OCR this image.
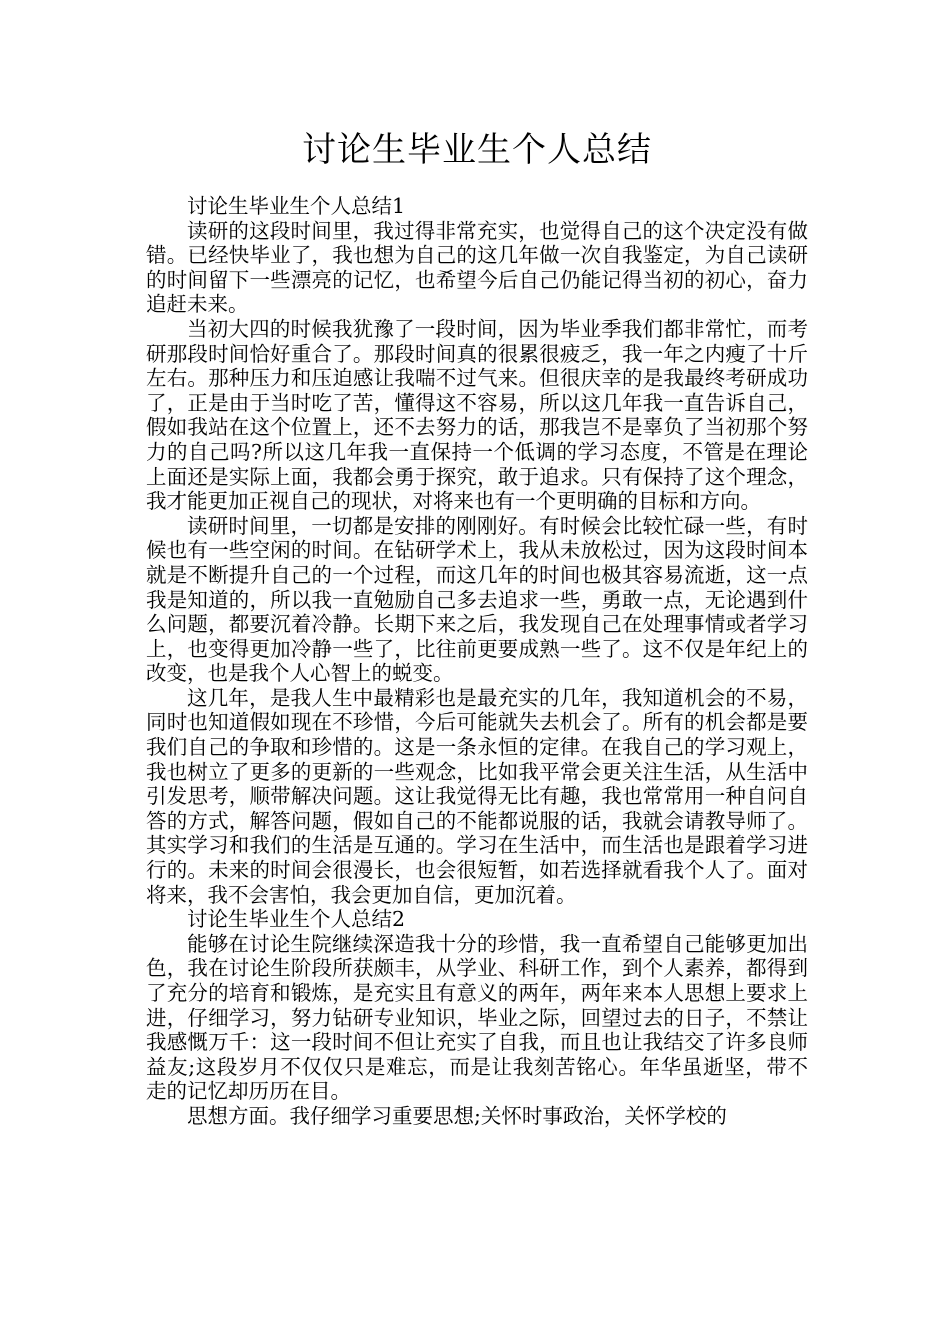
讨论生毕业生个人总结

讨论生毕业生个人总结1

读研的这段时间里，我过得非常充实，也觉得自己的这个决定没有做错。已经快毕业了，我也想为自己的这几年做一次自我鉴定，为自己读研的时间留下一些漂亮的记忆，也希望今后自己仍能记得当初的初心，奋力追赶未来。

当初大四的时候我犹豫了一段时间，因为毕业季我们都非常忙，而考研那段时间恰好重合了。那段时间真的很累很疲乏，我一年之内瘦了十斤左右。那种压力和压迫感让我喘不过气来。但很庆幸的是我最终考研成功了，正是由于当时吃了苦，懂得这不容易，所以这几年我一直告诉自己，假如我站在这个位置上，还不去努力的话，那我岂不是辜负了当初那个努力的自己吗?所以这几年我一直保持一个低调的学习态度，不管是在理论上面还是实际上面，我都会勇于探究，敢于追求。只有保持了这个理念，我才能更加正视自己的现状，对将来也有一个更明确的目标和方向。

读研时间里，一切都是安排的刚刚好。有时候会比较忙碌一些，有时候也有一些空闲的时间。在钻研学术上，我从未放松过，因为这段时间本就是不断提升自己的一个过程，而这几年的时间也极其容易流逝，这一点我是知道的，所以我一直勉励自己多去追求一些，勇敢一点，无论遇到什么问题，都要沉着冷静。长期下来之后，我发现自己在处理事情或者学习上，也变得更加冷静一些了，比往前更要成熟一些了。这不仅是年纪上的改变，也是我个人心智上的蜕变。

这几年，是我人生中最精彩也是最充实的几年，我知道机会的不易，同时也知道假如现在不珍惜，今后可能就失去机会了。所有的机会都是要我们自己的争取和珍惜的。这是一条永恒的定律。在我自己的学习观上，我也树立了更多的更新的一些观念，比如我平常会更关注生活，从生活中引发思考，顺带解决问题。这让我觉得无比有趣，我也常常用一种自问自答的方式，解答问题，假如自己的不能都说服的话，我就会请教导师了。其实学习和我们的生活是互通的。学习在生活中，而生活也是跟着学习进行的。未来的时间会很漫长，也会很短暂，如若选择就看我个人了。面对将来，我不会害怕，我会更加自信，更加沉着。

讨论生毕业生个人总结2

能够在讨论生院继续深造我十分的珍惜，我一直希望自己能够更加出色，我在讨论生阶段所获颇丰，从学业、科研工作，到个人素养，都得到了充分的培育和锻炼，是充实且有意义的两年，两年来本人思想上要求上进，仔细学习，努力钻研专业知识，毕业之际，回望过去的日子，不禁让我感慨万千：这一段时间不但让充实了自我，而且也让我结交了许多良师益友;这段岁月不仅仅只是难忘，而是让我刻苦铭心。年华虽逝坚，带不走的记忆却历历在目。

思想方面。我仔细学习重要思想;关怀时事政治，关怀学校的
